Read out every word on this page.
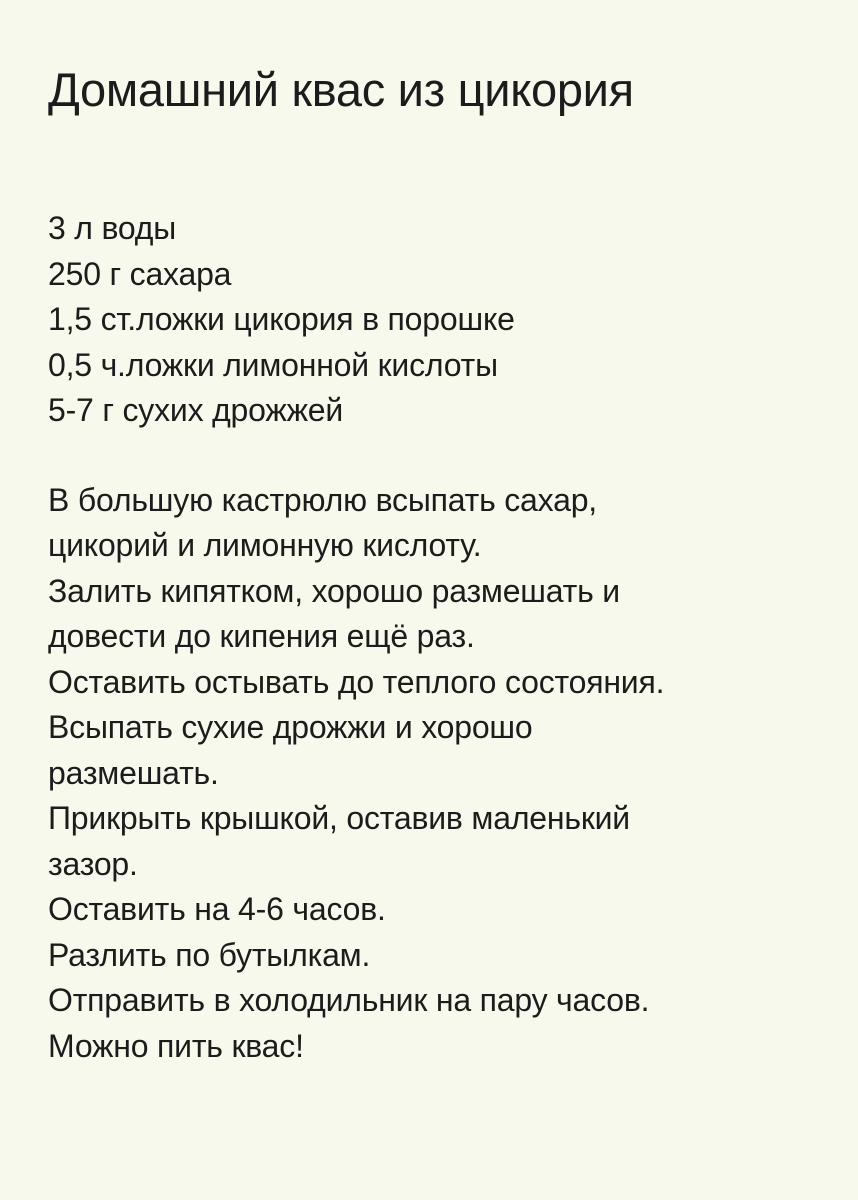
Домашний квас из цикория
3 л воды
250 г сахара
1,5 ст.ложки цикория в порошке
0,5 ч.ложки лимонной кислоты
5-7 г сухих дрожжей

В большую кастрюлю всыпать сахар,

цикорий и лимонную кислоту.

Залить кипятком, хорошо размешать и

довести до кипения ещё раз.

Оставить остывать до теплого состояния.

Всыпать сухие дрожжи и хорошо

размешать.

Прикрыть крышкой, оставив маленький

зазор.

Оставить на 4-6 часов.

Разлить по бутылкам.

Отправить в холодильник на пару часов.

Можно пить квас!
